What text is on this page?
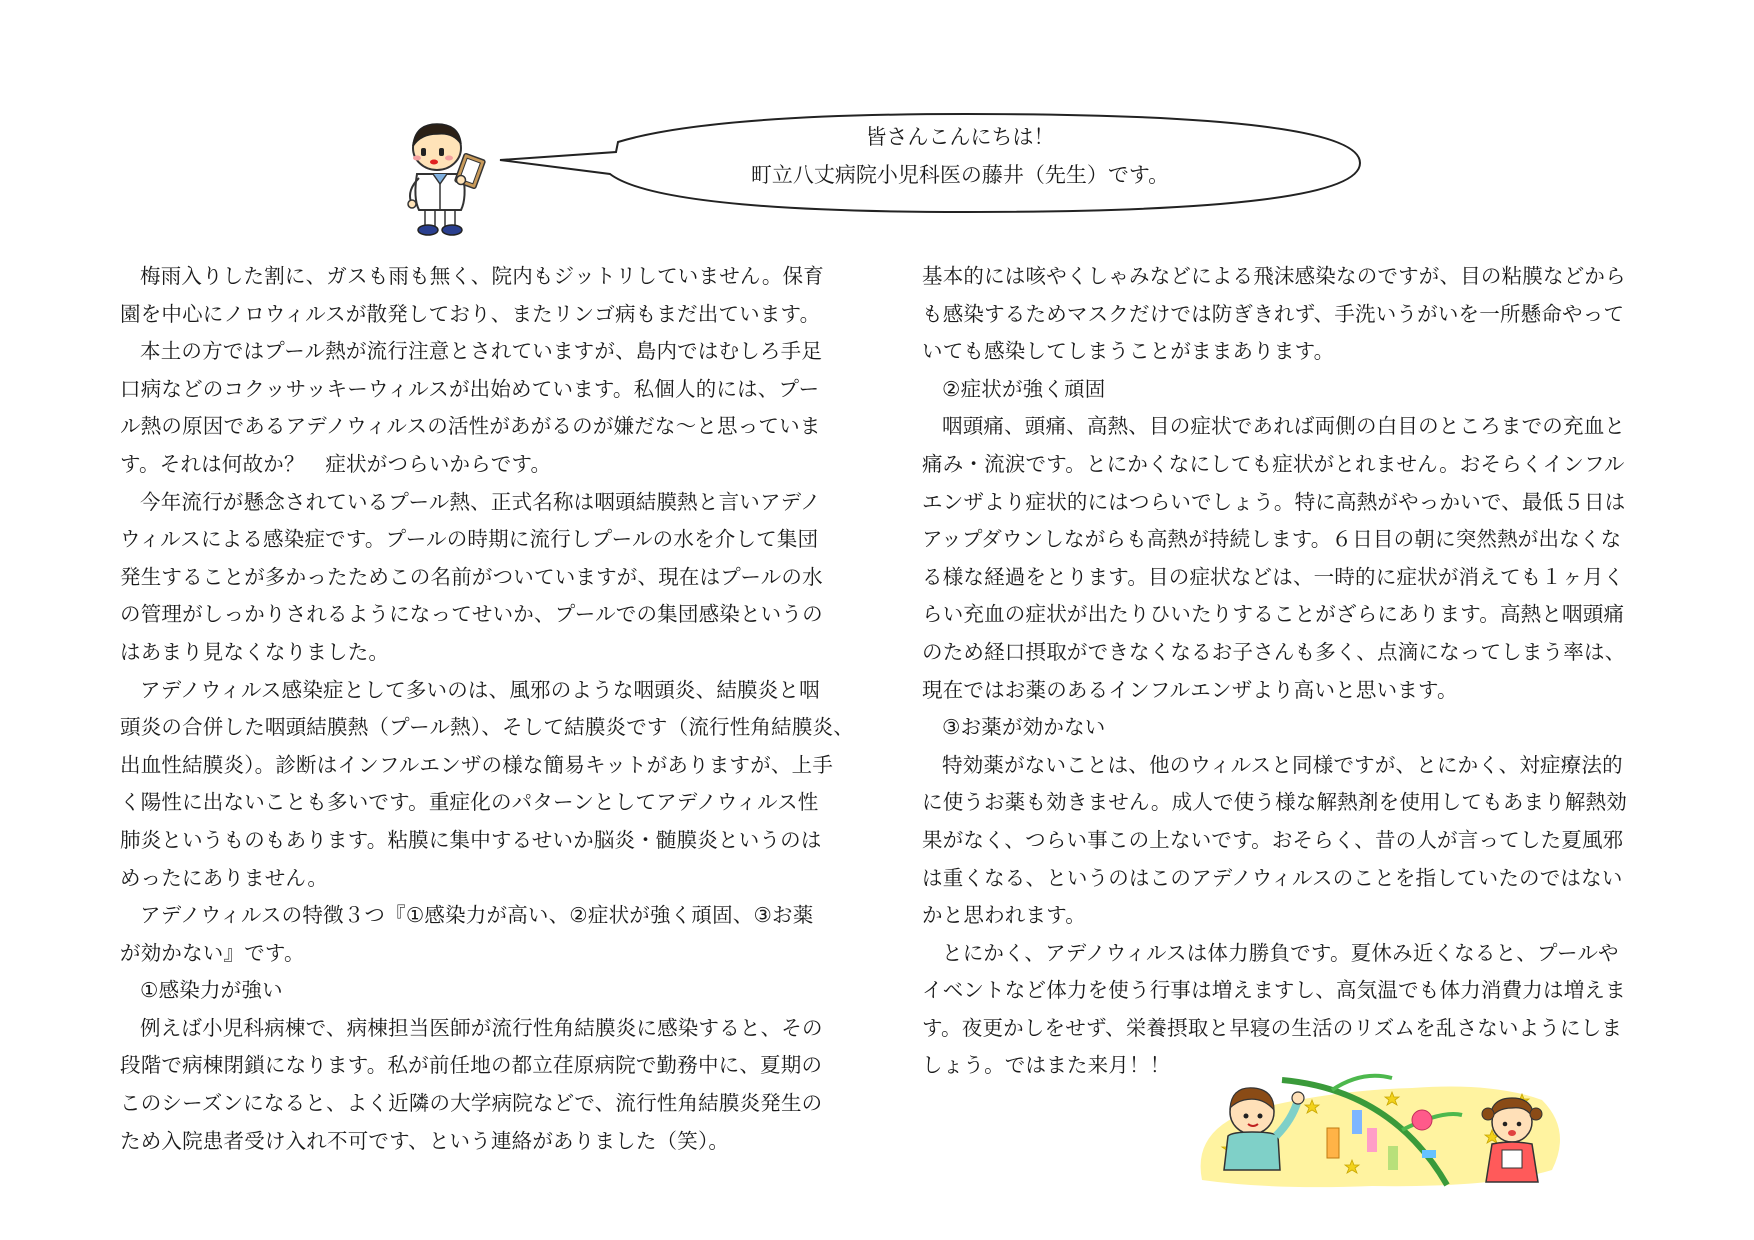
皆さんこんにちは！
町立八丈病院小児科医の藤井（先生）です。

梅雨入りした割に、ガスも雨も無く、院内もジットリしていません。保育

園を中心にノロウィルスが散発しており、またリンゴ病もまだ出ています。

本土の方ではプール熱が流行注意とされていますが、島内ではむしろ手足

口病などのコクッサッキーウィルスが出始めています。私個人的には、プー

ル熱の原因であるアデノウィルスの活性があがるのが嫌だな～と思っていま

す。それは何故か？　症状がつらいからです。

今年流行が懸念されているプール熱、正式名称は咽頭結膜熱と言いアデノ

ウィルスによる感染症です。プールの時期に流行しプールの水を介して集団

発生することが多かったためこの名前がついていますが、現在はプールの水

の管理がしっかりされるようになってせいか、プールでの集団感染というの

はあまり見なくなりました。

アデノウィルス感染症として多いのは、風邪のような咽頭炎、結膜炎と咽

頭炎の合併した咽頭結膜熱（プール熱）、そして結膜炎です（流行性角結膜炎、

出血性結膜炎）。診断はインフルエンザの様な簡易キットがありますが、上手

く陽性に出ないことも多いです。重症化のパターンとしてアデノウィルス性

肺炎というものもあります。粘膜に集中するせいか脳炎・髄膜炎というのは

めったにありません。

アデノウィルスの特徴３つ『①感染力が高い、②症状が強く頑固、③お薬

が効かない』です。

①感染力が強い

例えば小児科病棟で、病棟担当医師が流行性角結膜炎に感染すると、その

段階で病棟閉鎖になります。私が前任地の都立荏原病院で勤務中に、夏期の

このシーズンになると、よく近隣の大学病院などで、流行性角結膜炎発生の

ため入院患者受け入れ不可です、という連絡がありました（笑）。

基本的には咳やくしゃみなどによる飛沫感染なのですが、目の粘膜などから

も感染するためマスクだけでは防ぎきれず、手洗いうがいを一所懸命やって

いても感染してしまうことがままあります。

②症状が強く頑固

咽頭痛、頭痛、高熱、目の症状であれば両側の白目のところまでの充血と

痛み・流涙です。とにかくなにしても症状がとれません。おそらくインフル

エンザより症状的にはつらいでしょう。特に高熱がやっかいで、最低５日は

アップダウンしながらも高熱が持続します。６日目の朝に突然熱が出なくな

る様な経過をとります。目の症状などは、一時的に症状が消えても１ヶ月く

らい充血の症状が出たりひいたりすることがざらにあります。高熱と咽頭痛

のため経口摂取ができなくなるお子さんも多く、点滴になってしまう率は、

現在ではお薬のあるインフルエンザより高いと思います。

③お薬が効かない

特効薬がないことは、他のウィルスと同様ですが、とにかく、対症療法的

に使うお薬も効きません。成人で使う様な解熱剤を使用してもあまり解熱効

果がなく、つらい事この上ないです。おそらく、昔の人が言ってした夏風邪

は重くなる、というのはこのアデノウィルスのことを指していたのではない

かと思われます。

とにかく、アデノウィルスは体力勝負です。夏休み近くなると、プールや

イベントなど体力を使う行事は増えますし、高気温でも体力消費力は増えま

す。夜更かしをせず、栄養摂取と早寝の生活のリズムを乱さないようにしま

しょう。ではまた来月！！
